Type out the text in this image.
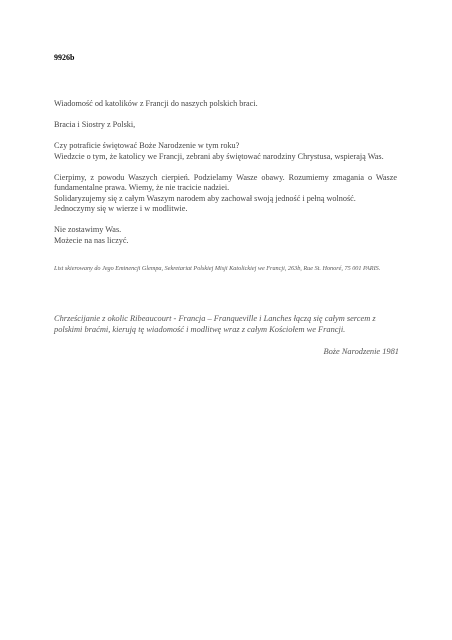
9926b

Wiadomość od katolików z Francji do naszych polskich braci.

Bracia i Siostry z Polski,

Czy potraficie świętować Boże Narodzenie w tym roku?

Wiedzcie o tym, że katolicy we Francji, zebrani aby świętować narodziny Chrystusa, wspierają Was.

Cierpimy, z powodu Waszych cierpień. Podzielamy Wasze obawy. Rozumiemy zmagania o Wasze fundamentalne prawa. Wiemy, że nie tracicie nadziei.

Solidaryzujemy się z całym Waszym narodem aby zachował swoją jedność i pełną wolność.

Jednoczymy się w wierze i w modlitwie.

Nie zostawimy Was.

Możecie na nas liczyć.

List skierowany do Jego Eminencji Glempa, Sekretariat Polskiej Misji Katolickiej we Francji, 263b, Rue St. Honoré, 75 001 PARIS.
Chrześcijanie z okolic Ribeaucourt - Francja – Franqueville i Lanches łączą się całym sercem z polskimi braćmi, kierują tę wiadomość i modlitwę wraz z całym Kościołem we Francji.
Boże Narodzenie 1981
